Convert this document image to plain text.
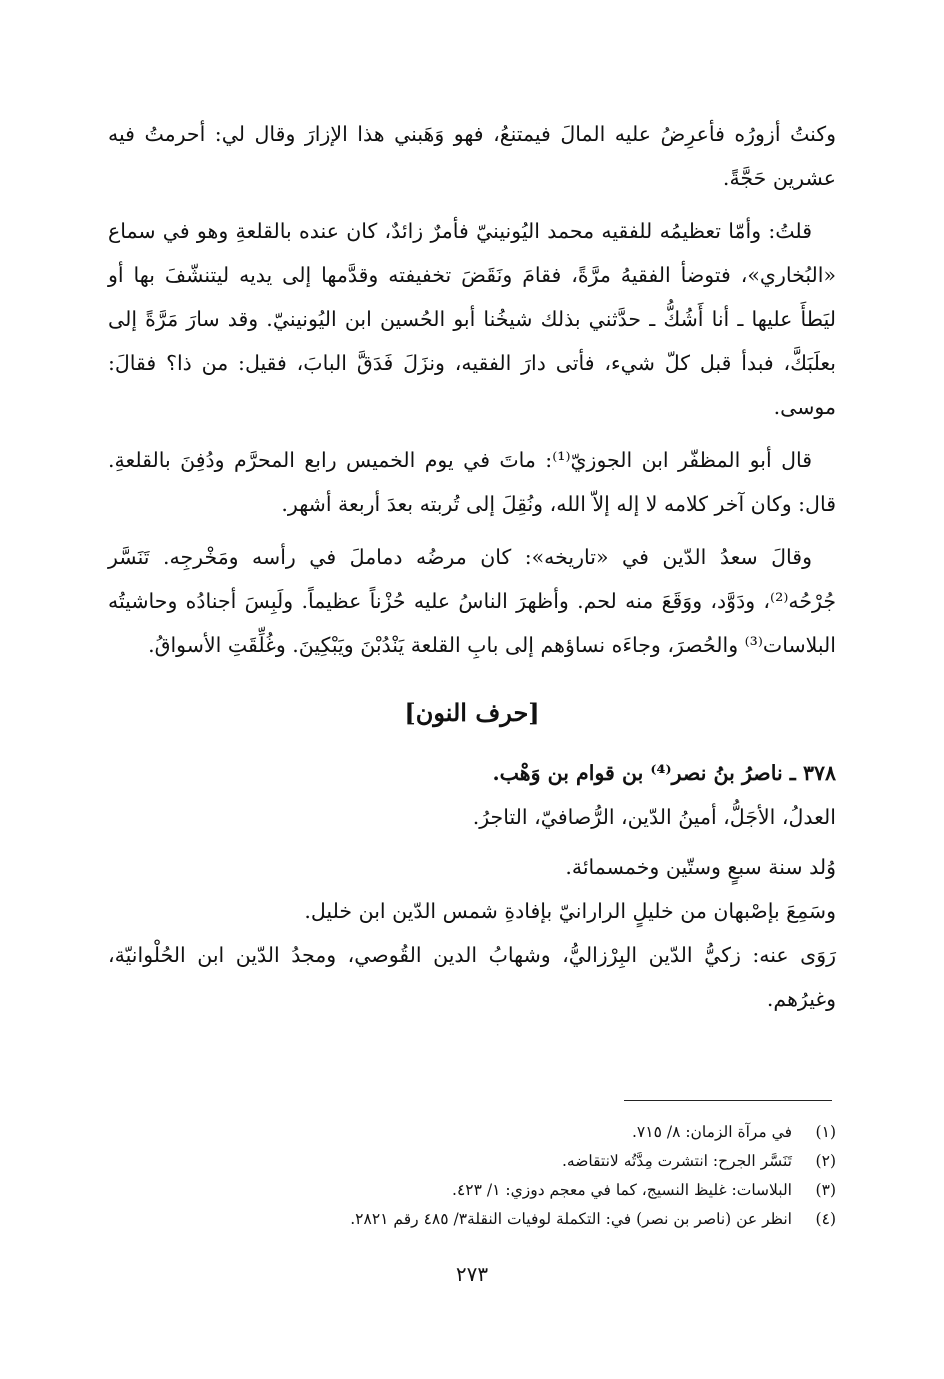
وكنتُ أزورُه فأعرِضُ عليه المالَ فيمتنعُ، فهو وَهَبني هذا الإزارَ وقال لي: أحرمتُ فيه عشرين حَجَّةً.

قلتُ: وأمّا تعظيمُه للفقيه محمد اليُونينيّ فأمرٌ زائدٌ، كان عنده بالقلعةِ وهو في سماع «البُخاري»، فتوضأ الفقيهُ مرَّةً، فقامَ ونَقَضَ تخفيفته وقدَّمها إلى يديه ليتنشّفَ بها أو ليَطأَ عليها ـ أنا أَشُكُّ ـ حدَّثني بذلك شيخُنا أبو الحُسين ابن اليُونينيّ. وقد سارَ مَرَّةً إلى بعلَبَكَّ، فبدأ قبل كلّ شيء، فأتى دارَ الفقيه، ونزَلَ فَدَقَّ البابَ، فقيل: من ذا؟ فقالَ: موسى.

قال أبو المظفّر ابن الجوزيّ⁽¹⁾: ماتَ في يوم الخميس رابع المحرَّم ودُفِنَ بالقلعةِ. قال: وكان آخر كلامه لا إله إلاّ الله، ونُقِلَ إلى تُربته بعدَ أربعة أشهر.

وقالَ سعدُ الدّين في «تاريخه»: كان مرضُه دماملَ في رأسه ومَخْرجِه. تَنَسَّر جُرْحُه⁽²⁾، ودَوَّد، ووَقَعَ منه لحم. وأظهرَ الناسُ عليه حُزْناً عظيماً. ولَبِسَ أجنادُه وحاشيتُه البلاسات⁽³⁾ والحُصرَ، وجاءَه نساؤهم إلى بابِ القلعة يَنْدُبْنَ ويَبْكِينَ. وغُلِّقَتِ الأسواقُ.

[حرف النون]

٣٧٨ ـ ناصرُ بنُ نصر⁽⁴⁾ بن قوام بن وَهْب.

العدلُ، الأجَلُّ، أمينُ الدّين، الرُّصافيّ، التاجرُ.

وُلد سنة سبعٍ وستّين وخمسمائة.

وسَمِعَ بإصْبهان من خليلٍ الرارانيّ بإفادةِ شمس الدّين ابن خليل.

رَوَى عنه: زكيُّ الدّين البِرْزاليُّ، وشهابُ الدين القُوصي، ومجدُ الدّين ابن الحُلْوانيّة، وغيرُهم.

(١)في مرآة الزمان: ٨/ ٧١٥.

(٢)تَنَسَّر الجرح: انتشرت مِدَّتُه لانتقاضه.

(٣)البلاسات: غليظ النسيج، كما في معجم دوزي: ١/ ٤٢٣.

(٤)انظر عن (ناصر بن نصر) في: التكملة لوفيات النقلة٣/ ٤٨٥ رقم ٢٨٢١.

٢٧٣
